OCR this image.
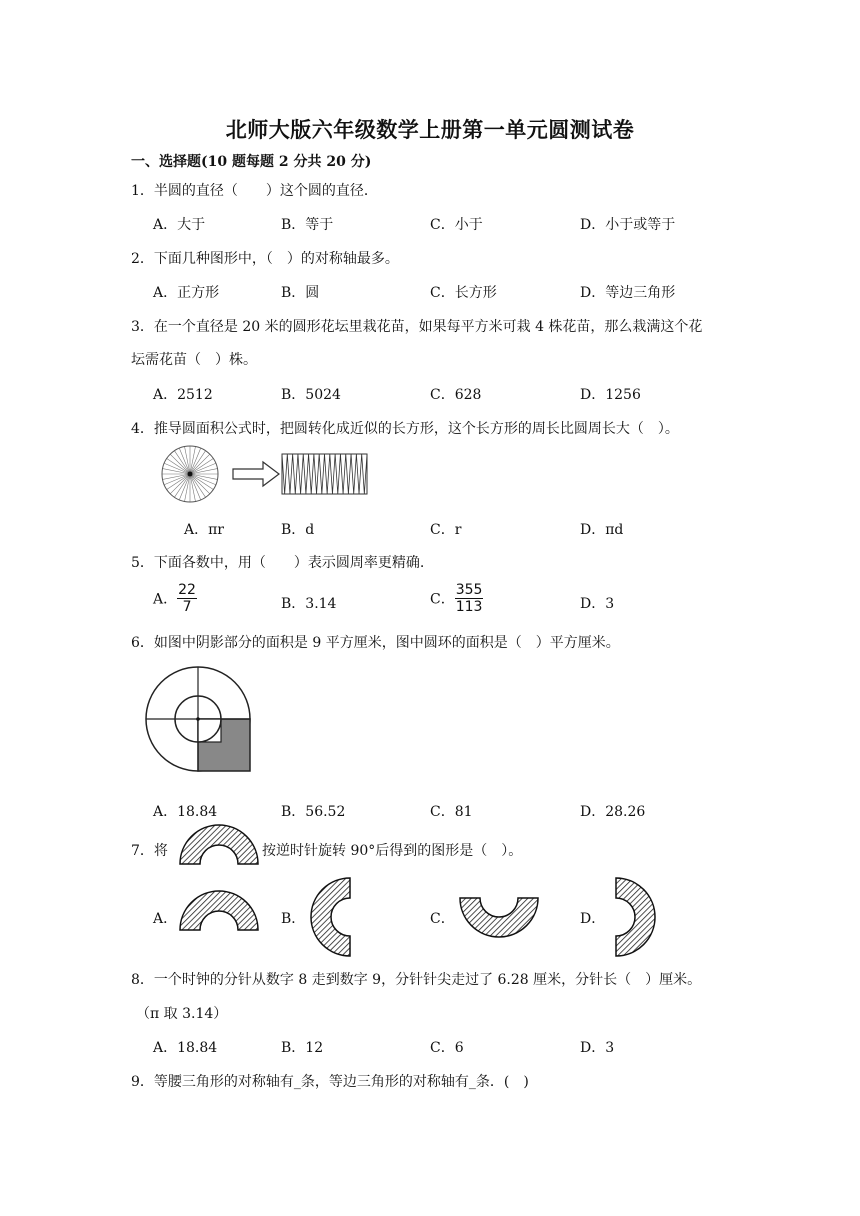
北师大版六年级数学上册第一单元圆测试卷
一、选择题(10 题每题 2 分共 20 分)
1．半圆的直径（　　）这个圆的直径．
A．大于	B．等于	C．小于	D．小于或等于
2．下面几种图形中，（　）的对称轴最多。
A．正方形	B．圆	C．长方形	D．等边三角形
3．在一个直径是 20 米的圆形花坛里栽花苗，如果每平方米可栽 4 株花苗，那么栽满这个花
坛需花苗（　）株。
A．2512	B．5024	C．628	D．1256
4．推导圆面积公式时，把圆转化成近似的长方形，这个长方形的周长比圆周长大（　）。
A．πr	B．d	C．r	D．πd
5．下面各数中，用（　　）表示圆周率更精确.
A． $\frac{22}{7}$	B．3.14	C． $\frac{355}{113}$	D．3
6．如图中阴影部分的面积是 9 平方厘米，图中圆环的面积是（　）平方厘米。
A．18.84	B．56.52	C．81	D．28.26
7．将	按逆时针旋转 90°后得到的图形是（　）。
A．	B．	C．	D．
8．一个时钟的分针从数字 8 走到数字 9，分针针尖走过了 6.28 厘米，分针长（　）厘米。
（π 取 3.14）
A．18.84	B．12	C．6	D．3
9．等腰三角形的对称轴有_条，等边三角形的对称轴有_条．(　)
